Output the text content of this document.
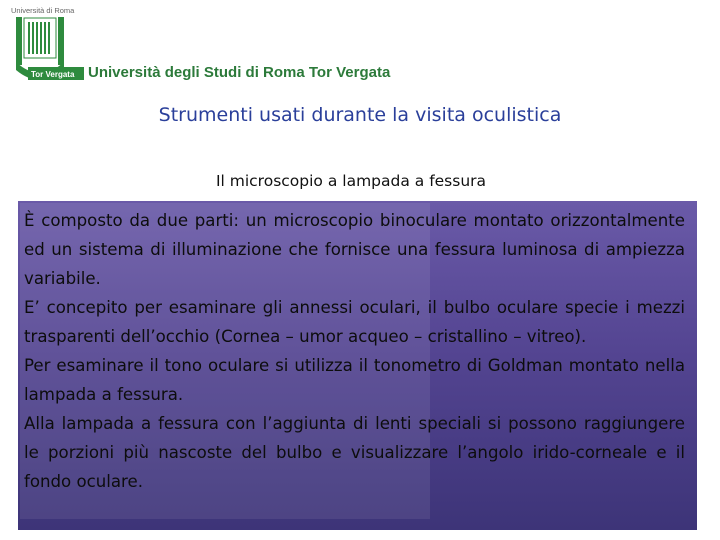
Università di Roma
Tor Vergata Università degli Studi di Roma Tor Vergata
Strumenti usati durante la visita oculistica
Il microscopio a lampada a fessura

È composto da due parti: un microscopio binoculare montato orizzontalmente ed un sistema di illuminazione che fornisce una fessura luminosa di ampiezza variabile.

E’ concepito per esaminare gli annessi oculari, il bulbo oculare specie i mezzi trasparenti dell’occhio (Cornea – umor acqueo – cristallino – vitreo).

Per esaminare il tono oculare si utilizza il tonometro di Goldman montato nella lampada a fessura.

Alla lampada a fessura con l’aggiunta di lenti speciali si possono raggiungere le porzioni più nascoste del bulbo e visualizzare l’angolo irido-corneale e il fondo oculare.
